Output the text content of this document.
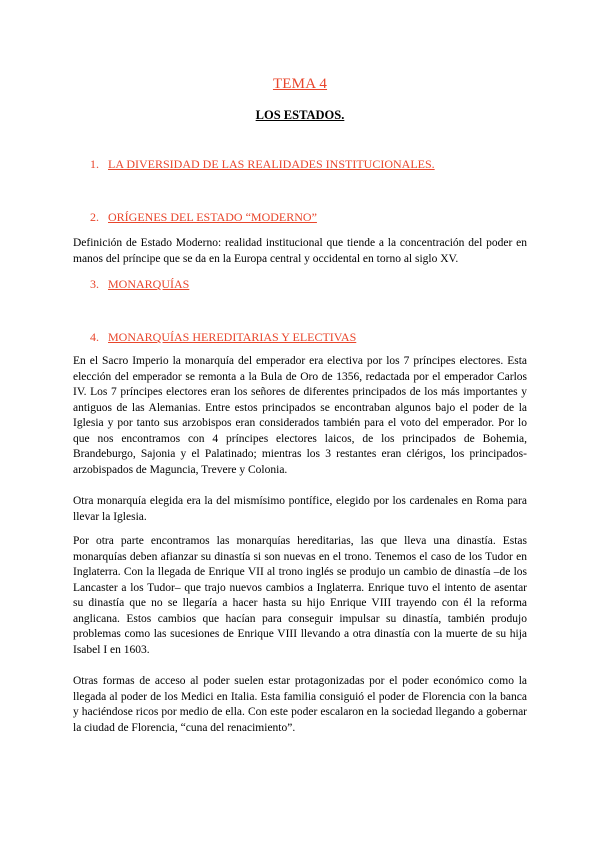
TEMA 4
LOS ESTADOS.
1. LA DIVERSIDAD DE LAS REALIDADES INSTITUCIONALES.
2. ORÍGENES DEL ESTADO “MODERNO”
Definición de Estado Moderno: realidad institucional que tiende a la concentración del poder en manos del príncipe que se da en la Europa central y occidental en torno al siglo XV.
3. MONARQUÍAS
4. MONARQUÍAS HEREDITARIAS Y ELECTIVAS
En el Sacro Imperio la monarquía del emperador era electiva por los 7 príncipes electores. Esta elección del emperador se remonta a la Bula de Oro de 1356, redactada por el emperador Carlos IV. Los 7 príncipes electores eran los señores de diferentes principados de los más importantes y antiguos de las Alemanias. Entre estos principados se encontraban algunos bajo el poder de la Iglesia y por tanto sus arzobispos eran considerados también para el voto del emperador. Por lo que nos encontramos con 4 príncipes electores laicos, de los principados de Bohemia, Brandeburgo, Sajonia y el Palatinado; mientras los 3 restantes eran clérigos, los principados-arzobispados de Maguncia, Trevere y Colonia.
Otra monarquía elegida era la del mismísimo pontífice, elegido por los cardenales en Roma para llevar la Iglesia.
Por otra parte encontramos las monarquías hereditarias, las que lleva una dinastía. Estas monarquías deben afianzar su dinastía si son nuevas en el trono. Tenemos el caso de los Tudor en Inglaterra. Con la llegada de Enrique VII al trono inglés se produjo un cambio de dinastía –de los Lancaster a los Tudor– que trajo nuevos cambios a Inglaterra. Enrique tuvo el intento de asentar su dinastía que no se llegaría a hacer hasta su hijo Enrique VIII trayendo con él la reforma anglicana. Estos cambios que hacían para conseguir impulsar su dinastía, también produjo problemas como las sucesiones de Enrique VIII llevando a otra dinastía con la muerte de su hija Isabel I en 1603.
Otras formas de acceso al poder suelen estar protagonizadas por el poder económico como la llegada al poder de los Medici en Italia. Esta familia consiguió el poder de Florencia con la banca y haciéndose ricos por medio de ella. Con este poder escalaron en la sociedad llegando a gobernar la ciudad de Florencia, “cuna del renacimiento”.
